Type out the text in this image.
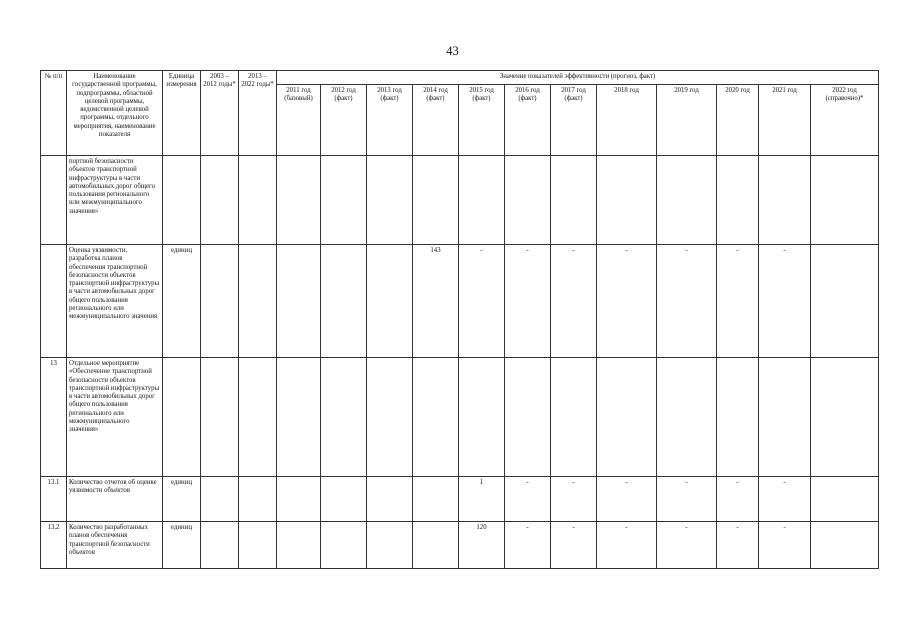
43
№ п/п	Наименование государственной программы, подпрограммы, областной целевой программы, ведомственной целевой программы, отдельного мероприятия, наименование показателя	Единица измерения	2003 – 2012 годы*	2013 – 2022 годы*	Значение показателей эффективности (прогноз, факт)											
					2011 год (базовый)	2012 год (факт)	2013 год (факт)	2014 год (факт)	2015 год (факт)	2016 год (факт)	2017 год (факт)	2018 год	2019 год	2020 год	2021 год	2022 год (справочно)*
	портной безопасности объектов транспортной инфраструктуры в части автомобильных дорог общего пользования регионального или межмуниципального значения»															
	Оценка уязвимости, разработка планов обеспечения транспортной безопасности объектов транспортной инфраструктуры в части автомобильных дорог общего пользования регионального или межмуниципального значения	единиц						143	-	-	-	-	-	-	-	
13	Отдельное мероприятие «Обеспечение транспортной безопасности объектов транспортной инфраструктуры в части автомобильных дорог общего пользования регионального или межмуниципального значения»															
13.1	Количество отчетов об оценке уязвимости объектов	единиц							1	-	-	-	-	-	-	
13.2	Количество разработанных планов обеспечения транспортной безопасности объектов	единиц							120	-	-	-	-	-	-	
